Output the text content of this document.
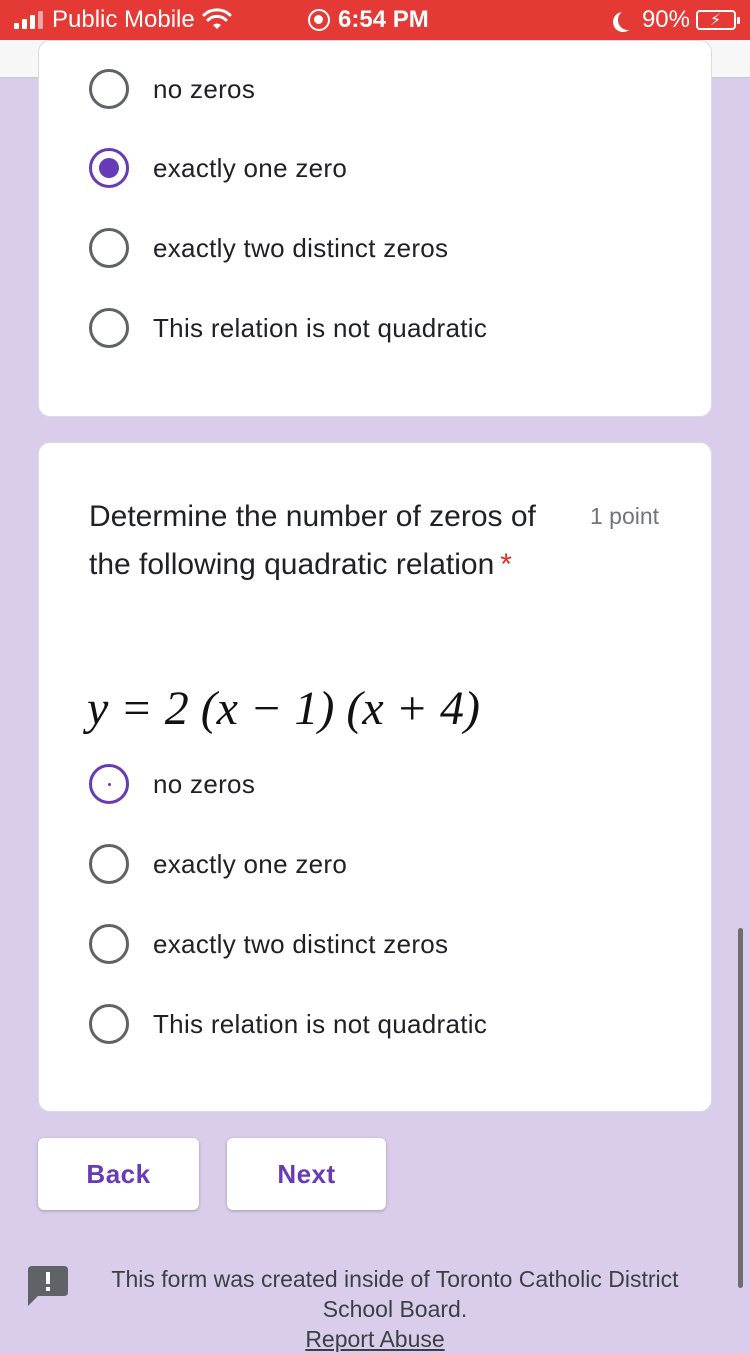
Public Mobile	6:54 PM	90% ⚡
no zeros
exactly one zero
exactly two distinct zeros
This relation is not quadratic
Determine the number of zeros of the following quadratic relation *
1 point
y = 2 (x − 1) (x + 4)
no zeros
exactly one zero
exactly two distinct zeros
This relation is not quadratic
Back	Next
This form was created inside of Toronto Catholic District School Board. Report Abuse
